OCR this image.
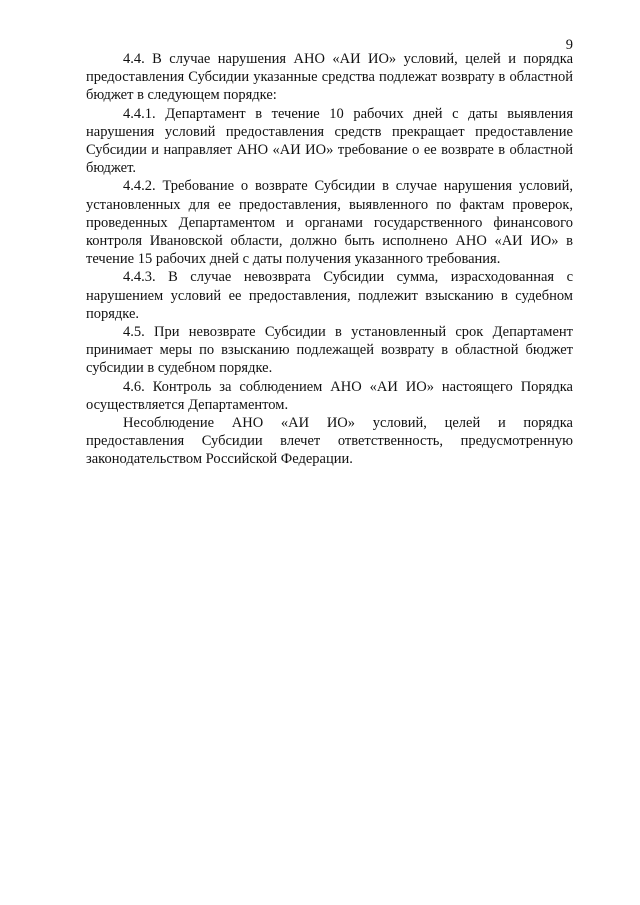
9

4.4. В случае нарушения АНО «АИ ИО» условий, целей и порядка предоставления Субсидии указанные средства подлежат возврату в областной бюджет в следующем порядке:

4.4.1. Департамент в течение 10 рабочих дней с даты выявления нарушения условий предоставления средств прекращает предоставление Субсидии и направляет АНО «АИ ИО» требование о ее возврате в областной бюджет.

4.4.2. Требование о возврате Субсидии в случае нарушения условий, установленных для ее предоставления, выявленного по фактам проверок, проведенных Департаментом и органами государственного финансового контроля Ивановской области, должно быть исполнено АНО «АИ ИО» в течение 15 рабочих дней с даты получения указанного требования.

4.4.3. В случае невозврата Субсидии сумма, израсходованная с нарушением условий ее предоставления, подлежит взысканию в судебном порядке.

4.5. При невозврате Субсидии в установленный срок Департамент принимает меры по взысканию подлежащей возврату в областной бюджет субсидии в судебном порядке.

4.6. Контроль за соблюдением АНО «АИ ИО» настоящего Порядка осуществляется Департаментом.

Несоблюдение АНО «АИ ИО» условий, целей и порядка предоставления Субсидии влечет ответственность, предусмотренную законодательством Российской Федерации.
